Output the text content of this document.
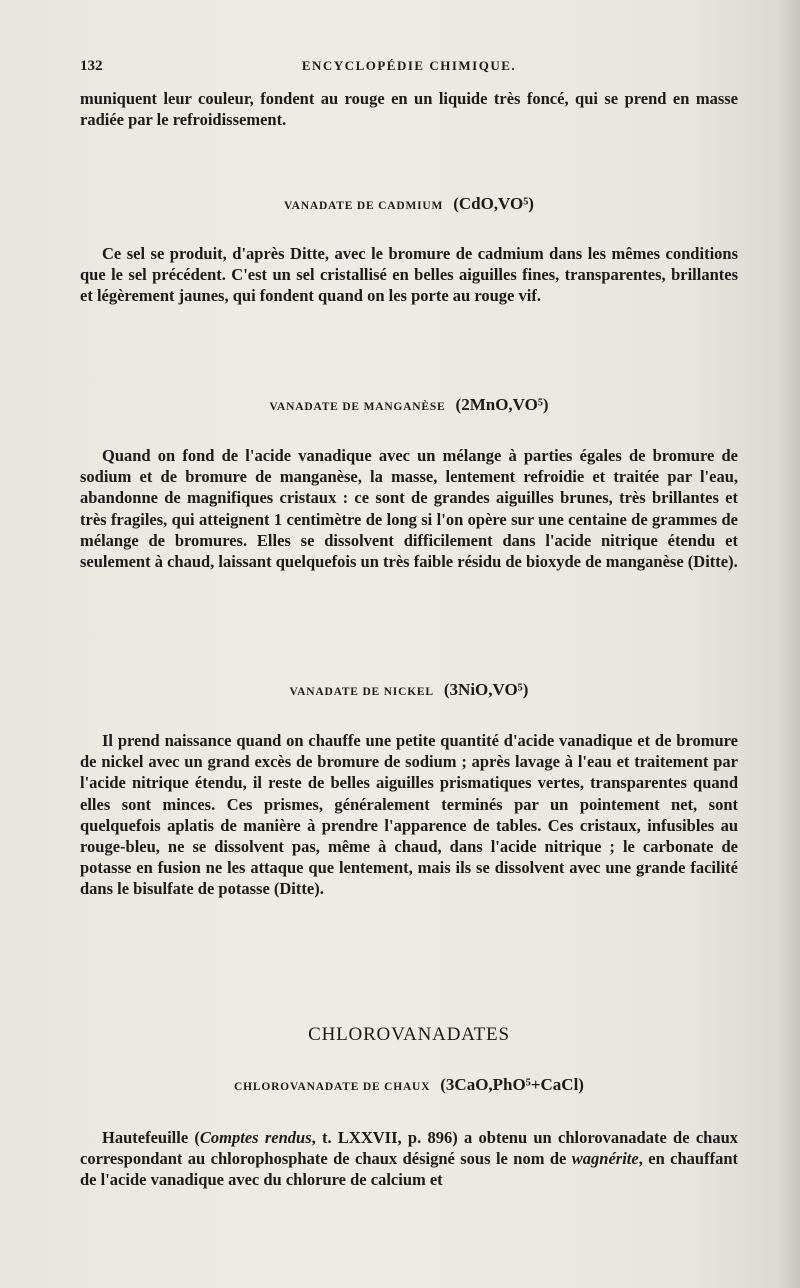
132	ENCYCLOPÉDIE CHIMIQUE.
muniquent leur couleur, fondent au rouge en un liquide très foncé, qui se prend en masse radiée par le refroidissement.
VANADATE DE CADMIUM (CdO,VO⁵)
Ce sel se produit, d'après Ditte, avec le bromure de cadmium dans les mêmes conditions que le sel précédent. C'est un sel cristallisé en belles aiguilles fines, transparentes, brillantes et légèrement jaunes, qui fondent quand on les porte au rouge vif.
VANADATE DE MANGANÈSE (2MnO,VO⁵)
Quand on fond de l'acide vanadique avec un mélange à parties égales de bromure de sodium et de bromure de manganèse, la masse, lentement refroidie et traitée par l'eau, abandonne de magnifiques cristaux : ce sont de grandes aiguilles brunes, très brillantes et très fragiles, qui atteignent 1 centimètre de long si l'on opère sur une centaine de grammes de mélange de bromures. Elles se dissolvent difficilement dans l'acide nitrique étendu et seulement à chaud, laissant quelquefois un très faible résidu de bioxyde de manganèse (Ditte).
VANADATE DE NICKEL (3NiO,VO⁵)
Il prend naissance quand on chauffe une petite quantité d'acide vanadique et de bromure de nickel avec un grand excès de bromure de sodium ; après lavage à l'eau et traitement par l'acide nitrique étendu, il reste de belles aiguilles prismatiques vertes, transparentes quand elles sont minces. Ces prismes, généralement terminés par un pointement net, sont quelquefois aplatis de manière à prendre l'apparence de tables. Ces cristaux, infusibles au rouge-bleu, ne se dissolvent pas, même à chaud, dans l'acide nitrique ; le carbonate de potasse en fusion ne les attaque que lentement, mais ils se dissolvent avec une grande facilité dans le bisulfate de potasse (Ditte).
CHLOROVANADATES
CHLOROVANADATE DE CHAUX (3CaO,PhO⁵+CaCl)
Hautefeuille (Comptes rendus, t. LXXVII, p. 896) a obtenu un chlorovanadate de chaux correspondant au chlorophosphate de chaux désigné sous le nom de wagnérite, en chauffant de l'acide vanadique avec du chlorure de calcium et
